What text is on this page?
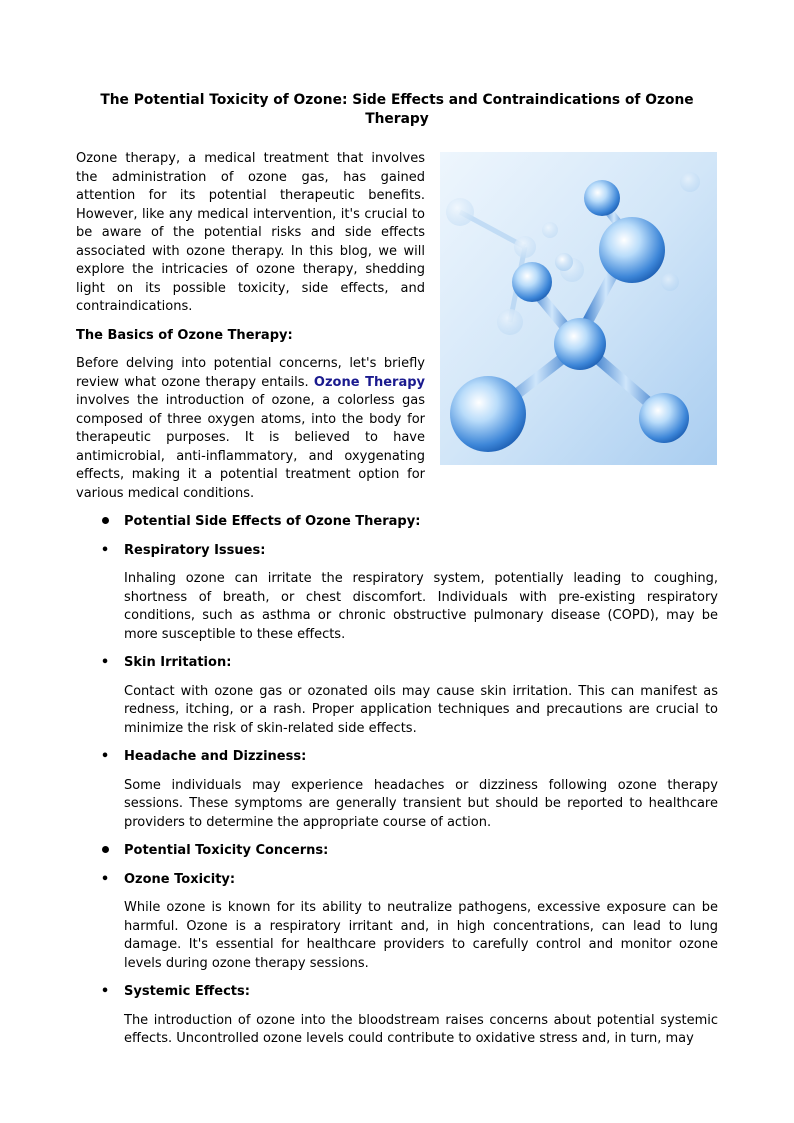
The Potential Toxicity of Ozone: Side Effects and Contraindications of Ozone Therapy

Ozone therapy, a medical treatment that involves the administration of ozone gas, has gained attention for its potential therapeutic benefits. However, like any medical intervention, it's crucial to be aware of the potential risks and side effects associated with ozone therapy. In this blog, we will explore the intricacies of ozone therapy, shedding light on its possible toxicity, side effects, and contraindications.

The Basics of Ozone Therapy:

Before delving into potential concerns, let's briefly review what ozone therapy entails. Ozone Therapy involves the introduction of ozone, a colorless gas composed of three oxygen atoms, into the body for therapeutic purposes. It is believed to have antimicrobial, anti-inflammatory, and oxygenating effects, making it a potential treatment option for various medical conditions.

Potential Side Effects of Ozone Therapy:
• Respiratory Issues:

Inhaling ozone can irritate the respiratory system, potentially leading to coughing, shortness of breath, or chest discomfort. Individuals with pre-existing respiratory conditions, such as asthma or chronic obstructive pulmonary disease (COPD), may be more susceptible to these effects.

• Skin Irritation:

Contact with ozone gas or ozonated oils may cause skin irritation. This can manifest as redness, itching, or a rash. Proper application techniques and precautions are crucial to minimize the risk of skin-related side effects.

• Headache and Dizziness:

Some individuals may experience headaches or dizziness following ozone therapy sessions. These symptoms are generally transient but should be reported to healthcare providers to determine the appropriate course of action.

Potential Toxicity Concerns:
• Ozone Toxicity:

While ozone is known for its ability to neutralize pathogens, excessive exposure can be harmful. Ozone is a respiratory irritant and, in high concentrations, can lead to lung damage. It's essential for healthcare providers to carefully control and monitor ozone levels during ozone therapy sessions.

• Systemic Effects:

The introduction of ozone into the bloodstream raises concerns about potential systemic effects. Uncontrolled ozone levels could contribute to oxidative stress and, in turn, may
